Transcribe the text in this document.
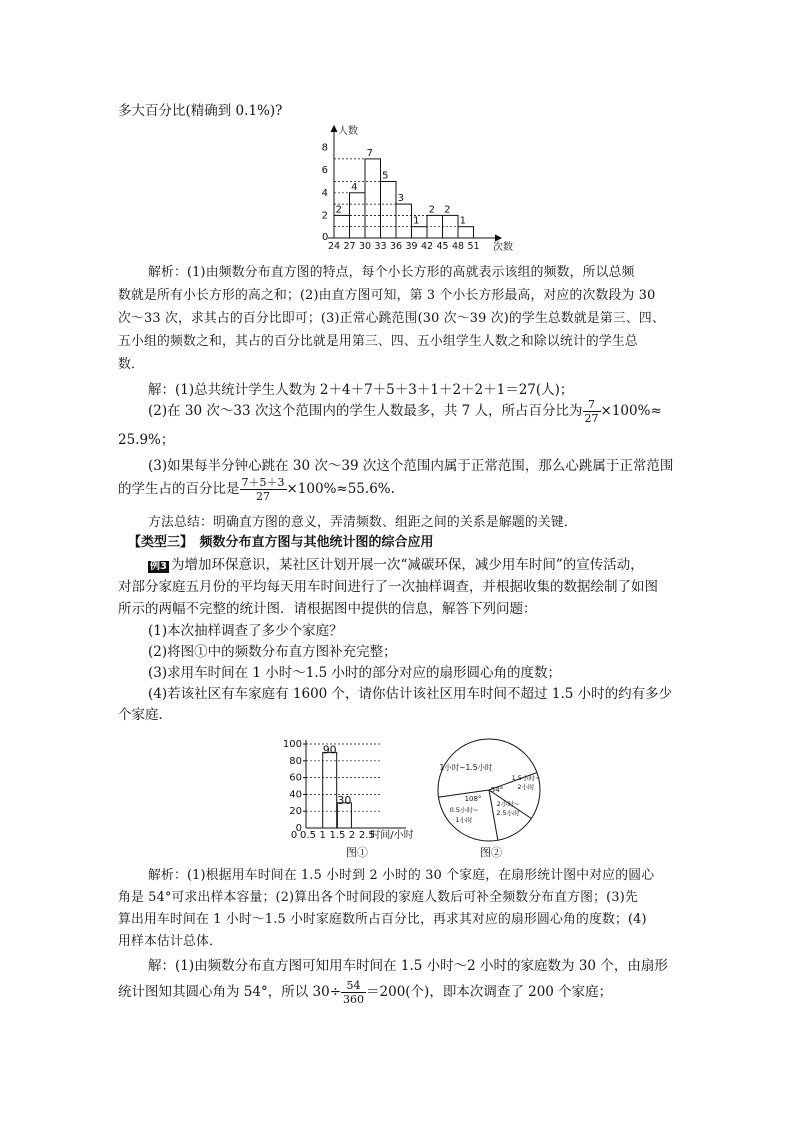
多大百分比(精确到 0.1%)?
人数
次数
0
2
4
6
8
24 27 30 33 36 39 42 45 48 51
2
4
7
5
3
1
2 2
1
解析：(1)由频数分布直方图的特点，每个小长方形的高就表示该组的频数，所以总频
数就是所有小长方形的高之和；(2)由直方图可知，第 3 个小长方形最高，对应的次数段为 30
次～33 次，求其占的百分比即可；(3)正常心跳范围(30 次～39 次)的学生总数就是第三、四、
五小组的频数之和，其占的百分比就是用第三、四、五小组学生人数之和除以统计的学生总
数．
解：(1)总共统计学生人数为 2＋4＋7＋5＋3＋1＋2＋2＋1＝27(人)；
(2)在 30 次～33 次这个范围内的学生人数最多，共 7 人，所占百分比为 $\frac{7}{27} \times 100\%\approx$
25.9%；
(3)如果每半分钟心跳在 30 次～39 次这个范围内属于正常范围，那么心跳属于正常范围
的学生占的百分比是 $\frac{7+5+3}{27} \times 100\%\approx 55.6\%$.
方法总结：明确直方图的意义，弄清频数、组距之间的关系是解题的关键．
【类型三】　频数分布直方图与其他统计图的综合应用
例3 为增加环保意识，某社区计划开展一次“减碳环保，减少用车时间”的宣传活动，
对部分家庭五月份的平均每天用车时间进行了一次抽样调查，并根据收集的数据绘制了如图
所示的两幅不完整的统计图．请根据图中提供的信息，解答下列问题：
(1)本次抽样调查了多少个家庭？
(2)将图①中的频数分布直方图补充完整；
(3)求用车时间在 1 小时～1.5 小时的部分对应的扇形圆心角的度数；
(4)若该社区有车家庭有 1600 个，请你估计该社区用车时间不超过 1.5 小时的约有多少
个家庭．
0
20
40
60
80
100
0.5 1 1.5 2 2.5
时间/小时
90
30
0
图①
1小时~1.5小时
1.5小时~
2小时
54°
108°
2小时~
2.5小时
0.5小时~
1小时
图②
解析：(1)根据用车时间在 1.5 小时到 2 小时的 30 个家庭，在扇形统计图中对应的圆心
角是 54°可求出样本容量；(2)算出各个时间段的家庭人数后可补全频数分布直方图；(3)先
算出用车时间在 1 小时～1.5 小时家庭数所占百分比，再求其对应的扇形圆心角的度数；(4)
用样本估计总体．
解：(1)由频数分布直方图可知用车时间在 1.5 小时～2 小时的家庭数为 30 个，由扇形
统计图知其圆心角为 54°，所以 $30\div \frac{54}{360} =200$(个)，即本次调查了 200 个家庭；
